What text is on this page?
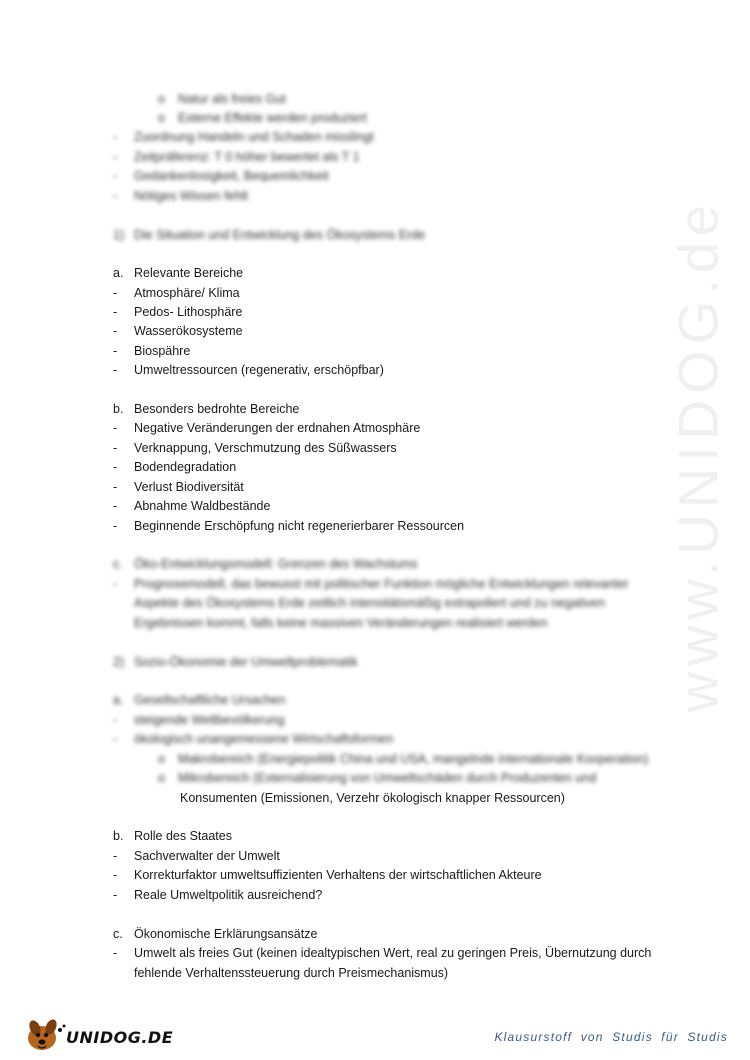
www.UNIDOG.de
o	Natur als freies Gut
o	Externe Effekte werden produziert
-	Zuordnung Handeln und Schaden misslingt
-	Zeitpräferenz: T 0 höher bewertet als T 1
-	Gedankenlosigkeit, Bequemlichkeit
-	Nötiges Wissen fehlt
1) Die Situation und Entwicklung des Ökosystems Erde
a. Relevante Bereiche
-	Atmosphäre/ Klima
-	Pedos- Lithosphäre
-	Wasserökosysteme
-	Biospähre
-	Umweltressourcen (regenerativ, erschöpfbar)
b. Besonders bedrohte Bereiche
-	Negative Veränderungen der erdnahen Atmosphäre
-	Verknappung, Verschmutzung des Süßwassers
-	Bodendegradation
-	Verlust Biodiversität
-	Abnahme Waldbestände
-	Beginnende Erschöpfung nicht regenerierbarer Ressourcen
c. Öko-Entwicklungsmodell: Grenzen des Wachstums
-	Prognosemodell, das bewusst mit politischer Funktion mögliche Entwicklungen relevanter
Aspekte des Ökosystems Erde zeitlich intensitätsmäßig extrapoliert und zu negativen
Ergebnissen kommt, falls keine massiven Veränderungen realisiert werden
2) Sozio-Ökonomie der Umweltproblematik
a. Gesellschaftliche Ursachen
-	steigende Weltbevölkerung
-	ökologisch unangemessene Wirtschaftsformen
o	Makrobereich (Energiepolitik China und USA, mangelnde internationale Kooperation)
o	Mikrobereich (Externalisierung von Umweltschäden durch Produzenten und
Konsumenten (Emissionen, Verzehr ökologisch knapper Ressourcen)
b. Rolle des Staates
-	Sachverwalter der Umwelt
-	Korrekturfaktor umweltsuffizienten Verhaltens der wirtschaftlichen Akteure
-	Reale Umweltpolitik ausreichend?
c. Ökonomische Erklärungsansätze
-	Umwelt als freies Gut (keinen idealtypischen Wert, real zu geringen Preis, Übernutzung durch
fehlende Verhaltenssteuerung durch Preismechanismus)
UNIDOG.DE	Klausurstoff von Studis für Studis
